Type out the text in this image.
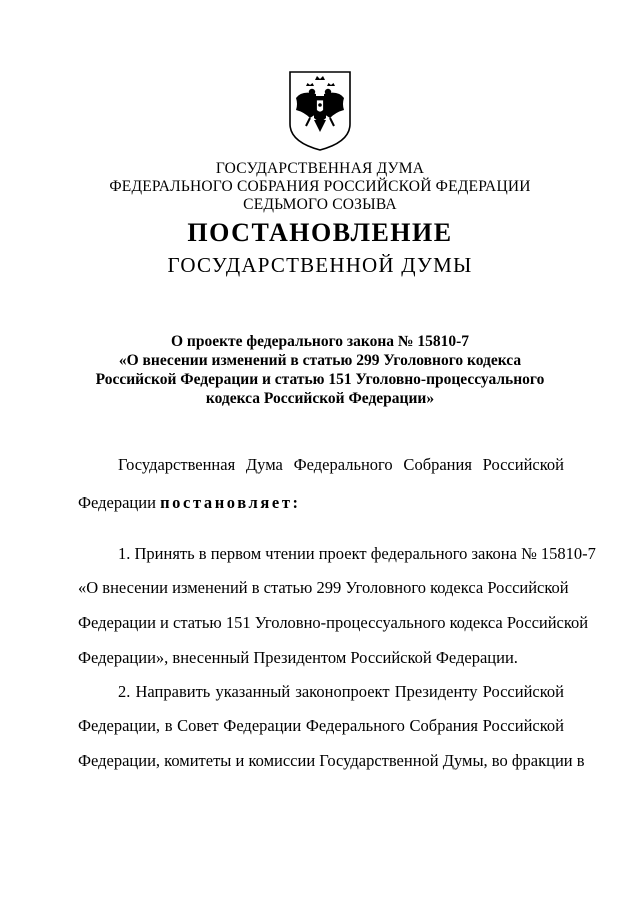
ГОСУДАРСТВЕННАЯ ДУМА
ФЕДЕРАЛЬНОГО СОБРАНИЯ РОССИЙСКОЙ ФЕДЕРАЦИИ
СЕДЬМОГО СОЗЫВА
ПОСТАНОВЛЕНИЕ
ГОСУДАРСТВЕННОЙ ДУМЫ
О проекте федерального закона № 15810-7
«О внесении изменений в статью 299 Уголовного кодекса
Российской Федерации и статью 151 Уголовно-процессуального
кодекса Российской Федерации»
Государственная Дума Федерального Собрания Российской
Федерации постановляет:
1. Принять в первом чтении проект федерального закона № 15810-7
«О внесении изменений в статью 299 Уголовного кодекса Российской
Федерации и статью 151 Уголовно-процессуального кодекса Российской
Федерации», внесенный Президентом Российской Федерации.
2. Направить указанный законопроект Президенту Российской
Федерации, в Совет Федерации Федерального Собрания Российской
Федерации, комитеты и комиссии Государственной Думы, во фракции в
